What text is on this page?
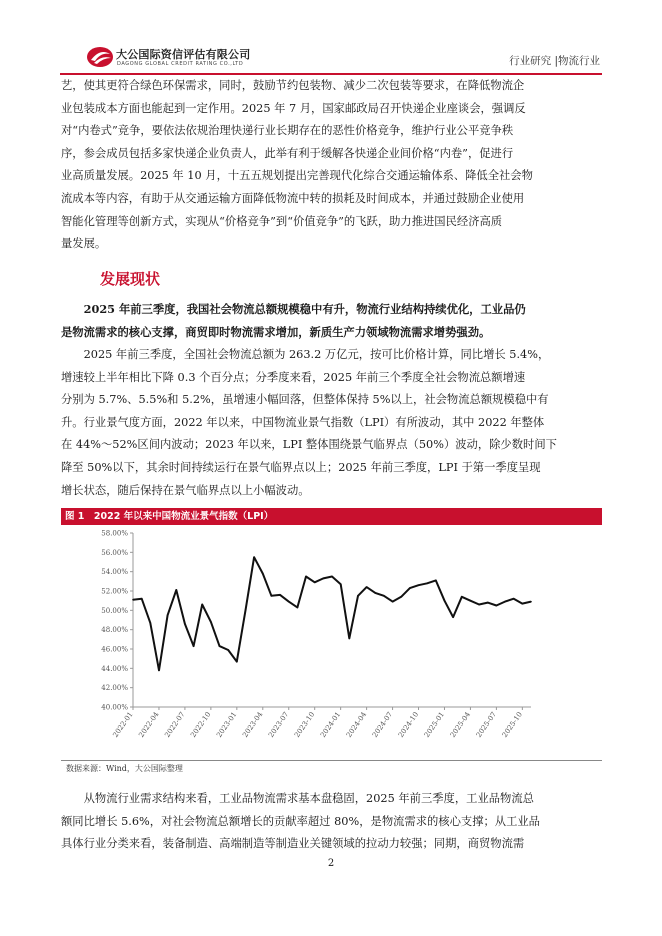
大公国际资信评估有限公司
DAGONG GLOBAL CREDIT RATING CO.,LTD	行业研究 |物流行业
艺，使其更符合绿色环保需求，同时，鼓励节约包装物、减少二次包装等要求，在降低物流企
业包装成本方面也能起到一定作用。2025 年 7 月，国家邮政局召开快递企业座谈会，强调反
对“内卷式”竞争，要依法依规治理快递行业长期存在的恶性价格竞争，维护行业公平竞争秩
序，参会成员包括多家快递企业负责人，此举有利于缓解各快递企业间价格“内卷”，促进行
业高质量发展。2025 年 10 月，十五五规划提出完善现代化综合交通运输体系、降低全社会物
流成本等内容，有助于从交通运输方面降低物流中转的损耗及时间成本，并通过鼓励企业使用
智能化管理等创新方式，实现从“价格竞争”到“价值竞争”的飞跃，助力推进国民经济高质
量发展。
发展现状
　　2025 年前三季度，我国社会物流总额规模稳中有升，物流行业结构持续优化，工业品仍
是物流需求的核心支撑，商贸即时物流需求增加，新质生产力领域物流需求增势强劲。
　　2025 年前三季度，全国社会物流总额为 263.2 万亿元，按可比价格计算，同比增长 5.4%，
增速较上半年相比下降 0.3 个百分点；分季度来看，2025 年前三个季度全社会物流总额增速
分别为 5.7%、5.5%和 5.2%，虽增速小幅回落，但整体保持 5%以上，社会物流总额规模稳中有
升。行业景气度方面，2022 年以来，中国物流业景气指数（LPI）有所波动，其中 2022 年整体
在 44%～52%区间内波动；2023 年以来，LPI 整体围绕景气临界点（50%）波动，除少数时间下
降至 50%以下，其余时间持续运行在景气临界点以上；2025 年前三季度，LPI 于第一季度呈现
增长状态，随后保持在景气临界点以上小幅波动。
图 1　2022 年以来中国物流业景气指数（LPI）
40.00%
42.00%
44.00%
46.00%
48.00%
50.00%
52.00%
54.00%
56.00%
58.00%
2022-01 2022-04 2022-07 2022-10 2023-01 2023-04 2023-07 2023-10 2024-01 2024-04 2024-07 2024-10 2025-01 2025-04 2025-07 2025-10
数据来源：Wind，大公国际整理
　　从物流行业需求结构来看，工业品物流需求基本盘稳固，2025 年前三季度，工业品物流总
额同比增长 5.6%，对社会物流总额增长的贡献率超过 80%，是物流需求的核心支撑；从工业品
具体行业分类来看，装备制造、高端制造等制造业关键领域的拉动力较强；同期，商贸物流需
2
